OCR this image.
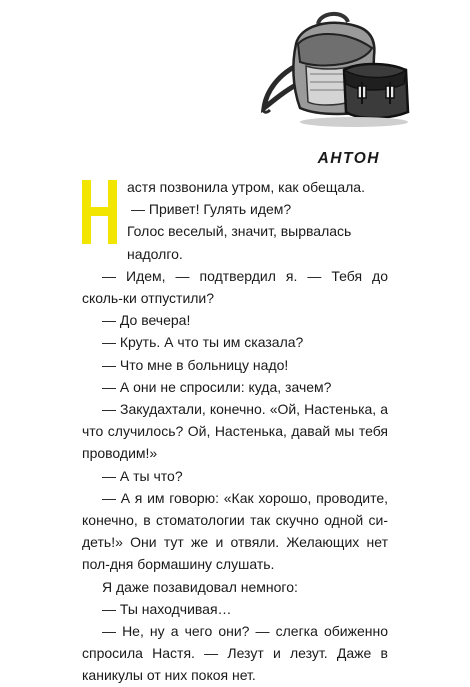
АНТОН
астя позвонила утром, как обещала.
— Привет! Гулять идем?
Голос веселый, значит, вырвалась надолго.

— Идем, — подтвердил я. — Тебя до сколь-ки отпустили?

— До вечера!

— Круть. А что ты им сказала?

— Что мне в больницу надо!

— А они не спросили: куда, зачем?

— Закудахтали, конечно. «Ой, Настенька, а что случилось? Ой, Настенька, давай мы тебя проводим!»

— А ты что?

— А я им говорю: «Как хорошо, проводите, конечно, в стоматологии так скучно одной си-деть!» Они тут же и отвяли. Желающих нет пол-дня бормашину слушать.

Я даже позавидовал немного:

— Ты находчивая…

— Не, ну а чего они? — слегка обиженно спросила Настя. — Лезут и лезут. Даже в каникулы от них покоя нет.
